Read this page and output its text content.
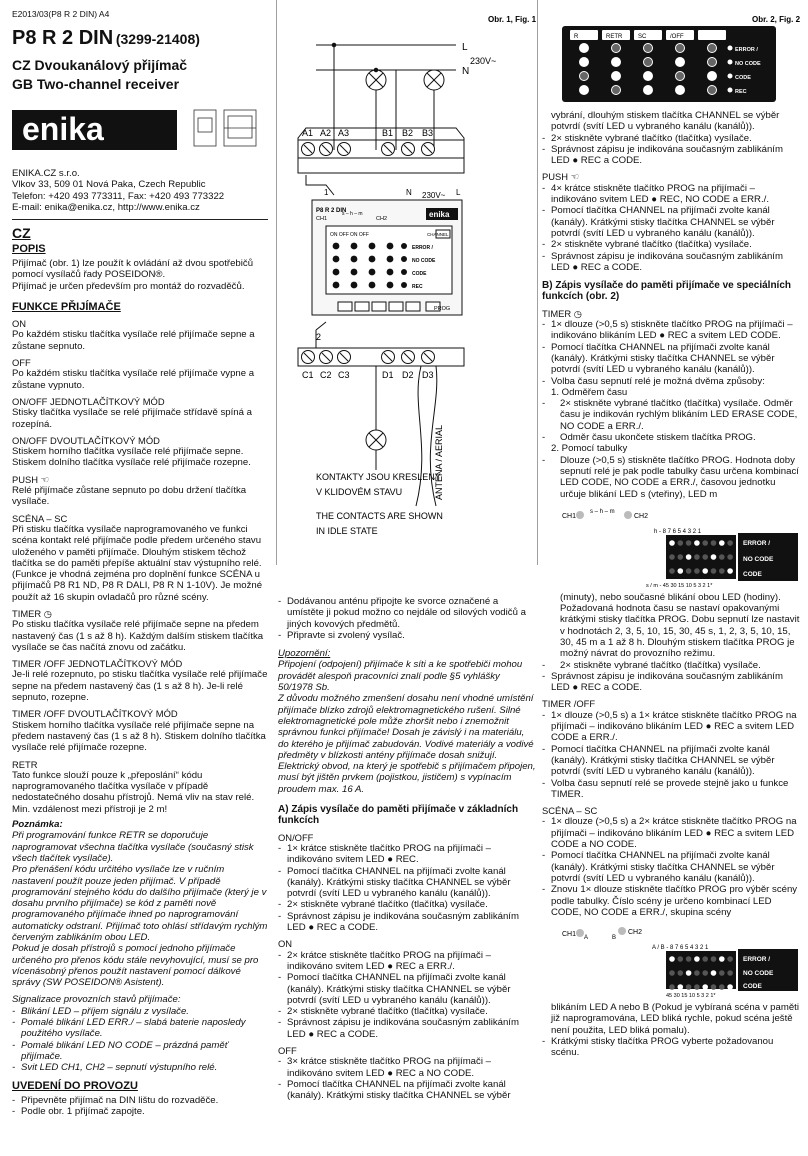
E2013/03(P8 R 2 DIN) A4
P8 R 2 DIN (3299-21408)
CZ Dvoukanálový přijímač
GB Two-channel receiver
enika

ENIKA.CZ s.r.o.

Vlkov 33, 509 01 Nová Paka, Czech Republic

Telefon: +420 493 773311, Fax: +420 493 773322

E-mail: enika@enika.cz, http://www.enika.cz

CZ
POPIS

Přijímač (obr. 1) lze použít k ovládání až dvou spotřebičů pomocí vysílačů řady POSEIDON®.

Přijímač je určen především pro montáž do rozvaděčů.

FUNKCE PŘIJÍMAČE
ON

Po každém stisku tlačítka vysílače relé přijímače sepne a zůstane sepnuto.

OFF

Po každém stisku tlačítka vysílače relé přijímače vypne a zůstane vypnuto.

ON/OFF JEDNOTLAČÍTKOVÝ MÓD

Stisky tlačítka vysílače se relé přijímače střídavě spíná a rozepíná.

ON/OFF DVOUTLAČÍTKOVÝ MÓD

Stiskem horního tlačítka vysílače relé přijímače sepne. Stiskem dolního tlačítka vysílače relé přijímače rozepne.

PUSH ☜

Relé přijímače zůstane sepnuto po dobu držení tlačítka vysílače.

SCÉNA – SC

Při stisku tlačítka vysílače naprogramovaného ve funkci scéna kontakt relé přijímače podle předem určeného stavu uloženého v paměti přijímače. Dlouhým stiskem těchož tlačítka se do paměti přepíše aktuální stav výstupního relé. (Funkce je vhodná zejména pro doplnění funkce SCÉNA u přijímačů P8 R1 ND, P8 R DALI, P8 R N 1-10V). Je možné použít až 16 skupin ovladačů pro různé scény.

TIMER ◷

Po stisku tlačítka vysílače relé přijímače sepne na předem nastavený čas (1 s až 8 h). Každým dalším stiskem tlačítka vysílače se čas načítá znovu od začátku.

TIMER /OFF JEDNOTLAČÍTKOVÝ MÓD

Je-li relé rozepnuto, po stisku tlačítka vysílače relé přijímače sepne na předem nastavený čas (1 s až 8 h). Je-li relé sepnuto, rozepne.

TIMER /OFF DVOUTLAČÍTKOVÝ MÓD

Stiskem horního tlačítka vysílače relé přijímače sepne na předem nastavený čas (1 s až 8 h). Stiskem dolního tlačítka vysílače relé přijímače rozepne.

RETR

Tato funkce slouží pouze k „přeposlání“ kódu naprogramovaného tlačítka vysílače v případě nedostatečného dosahu přístrojů. Nemá vliv na stav relé. Min. vzdálenost mezi přístroji je 2 m!

Poznámka:

Při programování funkce RETR se doporučuje naprogramovat všechna tlačítka vysílače (současný stisk všech tlačítek vysílače).

Pro přenášení kódu určitého vysílače lze v ručním nastavení použít pouze jeden přijímač. V případě programování stejného kódu do dalšího přijímače (který je v dosahu prvního přijímače) se kód z paměti nově programovaného přijímače ihned po naprogramování automaticky odstraní. Přijímač toto ohlásí střídavým rychlým červeným zablikáním obou LED.

Pokud je dosah přístrojů s pomocí jednoho přijímače určeného pro přenos kódu stále nevyhovující, musí se pro vícenásobný přenos použít nastavení pomocí dálkové správy (SW POSEIDON® Asistent).

Signalizace provozních stavů přijímače:

- Blikání LED – příjem signálu z vysílače.

- Pomalé blikání LED ERR./ – slabá baterie naposledy použitého vysílače.

- Pomalé blikání LED NO CODE – prázdná paměť přijímače.

- Svit LED CH1, CH2 – sepnutí výstupního relé.

UVEDENÍ DO PROVOZU

- Připevněte přijímač na DIN lištu do rozvaděče.

- Podle obr. 1 přijímač zapojte.

Obr. 1, Fig. 1
L
N
230V~
A1 A2 A3	B1 B2 B3
1	N	L
230V~
P8 R 2 DIN
CH1
s – h – m
CH2	enika
ON OFF ON OFF
ERROR /
NO CODE
CODE
REC
CHANNEL
PROG
2
C1 C2 C3	D1 D2 D3
ANTÉNA / AERIAL
KONTAKTY JSOU KRESLENY
V KLIDOVÉM STAVU
THE CONTACTS ARE SHOWN
IN IDLE STATE

- Dodávanou anténu připojte ke svorce označené a umístěte ji pokud možno co nejdále od silových vodičů a jiných kovových předmětů.

- Připravte si zvolený vysílač.

Upozornění:

Připojení (odpojení) přijímače k síti a ke spotřebiči mohou provádět alespoň pracovníci znalí podle §5 vyhlášky 50/1978 Sb.

Z důvodu možného zmenšení dosahu není vhodné umístění přijímače blízko zdrojů elektromagnetického rušení. Silné elektromagnetické pole může zhoršit nebo i znemožnit správnou funkci přijímače! Dosah je závislý i na materiálu, do kterého je přijímač zabudován. Vodivé materiály a vodivé předměty v blízkosti antény přijímače dosah snižují.

Elektrický obvod, na který je spotřebič s přijímačem připojen, musí být jištěn prvkem (pojistkou, jističem) s vypínacím proudem max. 16 A.

A) Zápis vysílače do paměti přijímače v základních funkcích
ON/OFF

- 1× krátce stiskněte tlačítko PROG na přijímači – indikováno svitem LED ● REC.

- Pomocí tlačítka CHANNEL na přijímači zvolte kanál (kanály). Krátkými stisky tlačítka CHANNEL se výběr potvrdí (svítí LED u vybraného kanálu (kanálů)).

- 2× stiskněte vybrané tlačítko (tlačítka) vysílače.

- Správnost zápisu je indikována současným zablikáním LED ● REC a CODE.

ON

- 2× krátce stiskněte tlačítko PROG na přijímači – indikováno svitem LED ● REC a ERR./.

- Pomocí tlačítka CHANNEL na přijímači zvolte kanál (kanály). Krátkými stisky tlačítka CHANNEL se výběr potvrdí (svítí LED u vybraného kanálu (kanálů)).

- 2× stiskněte vybrané tlačítko (tlačítka) vysílače.

- Správnost zápisu je indikována současným zablikáním LED ● REC a CODE.

OFF

- 3× krátce stiskněte tlačítko PROG na přijímači – indikováno svitem LED ● REC a NO CODE.

- Pomocí tlačítka CHANNEL na přijímači zvolte kanál (kanály). Krátkými stisky tlačítka CHANNEL se výběr

Obr. 2, Fig. 2
R	RETR	SC	/OFF
ERROR /
NO CODE
CODE
REC

vybrání, dlouhým stiskem tlačítka CHANNEL se výběr potvrdí (svítí LED u vybraného kanálu (kanálů)).

- 2× stiskněte vybrané tlačítko (tlačítka) vysílače.

- Správnost zápisu je indikována současným zablikáním LED ● REC a CODE.

PUSH ☜

- 4× krátce stiskněte tlačítko PROG na přijímači – indikováno svitem LED ● REC, NO CODE a ERR./.

- Pomocí tlačítka CHANNEL na přijímači zvolte kanál (kanály). Krátkými stisky tlačítka CHANNEL se výběr potvrdí (svítí LED u vybraného kanálu (kanálů)).

- 2× stiskněte vybrané tlačítko (tlačítka) vysílače.

- Správnost zápisu je indikována současným zablikáním LED ● REC a CODE.

B) Zápis vysílače do paměti přijímače ve speciálních funkcích (obr. 2)
TIMER ◷

- 1× dlouze (>0,5 s) stiskněte tlačítko PROG na přijímači – indikováno blikáním LED ● REC a svitem LED CODE.

- Pomocí tlačítka CHANNEL na přijímači zvolte kanál (kanály). Krátkými stisky tlačítka CHANNEL se výběr potvrdí (svítí LED u vybraného kanálu (kanálů)).

- Volba času sepnutí relé je možná dvěma způsoby:

1. Odměřem času

- 2× stiskněte vybrané tlačítko (tlačítka) vysílače. Odměr času je indikován rychlým blikáním LED ERASE CODE, NO CODE a ERR./.

- Odměr času ukončete stiskem tlačítka PROG.

2. Pomocí tabulky

- Dlouze (>0,5 s) stiskněte tlačítko PROG. Hodnota doby sepnutí relé je pak podle tabulky času určena kombinací LED CODE, NO CODE a ERR./, časovou jednotku určuje blikání LED s (vteřiny), LED m

CH1
s – h – m
CH2
h - 8 7 6 5 4 3 2 1
ERROR /
NO CODE
CODE
s / m - 45 30 15 10 5 3 2 1*

(minuty), nebo současné blikání obou LED (hodiny). Požadovaná hodnota času se nastaví opakovanými krátkými stisky tlačítka PROG. Dobu sepnutí lze nastavit v hodnotách 2, 3, 5, 10, 15, 30, 45 s, 1, 2, 3, 5, 10, 15, 30, 45 m a 1 až 8 h. Dlouhým stiskem tlačítka PROG je možný návrat do provozního režimu.

- 2× stiskněte vybrané tlačítko (tlačítka) vysílače.

- Správnost zápisu je indikována současným zablikáním LED ● REC a CODE.

TIMER /OFF

- 1× dlouze (>0,5 s) a 1× krátce stiskněte tlačítko PROG na přijímači – indikováno blikáním LED ● REC a svitem LED CODE a ERR./.

- Pomocí tlačítka CHANNEL na přijímači zvolte kanál (kanály). Krátkými stisky tlačítka CHANNEL se výběr potvrdí (svítí LED u vybraného kanálu (kanálů)).

- Volba času sepnutí relé se provede stejně jako u funkce TIMER.

SCÉNA – SC

- 1× dlouze (>0,5 s) a 2× krátce stiskněte tlačítko PROG na přijímači – indikováno blikáním LED ● REC a svitem LED CODE a NO CODE.

- Pomocí tlačítka CHANNEL na přijímači zvolte kanál (kanály). Krátkými stisky tlačítka CHANNEL se výběr potvrdí (svítí LED u vybraného kanálu (kanálů)).

- Znovu 1× dlouze stiskněte tlačítko PROG pro výběr scény podle tabulky. Číslo scény je určeno kombinací LED CODE, NO CODE a ERR./, skupina scény

CH1 A	B
CH2
A / B - 8 7 6 5 4 3 2 1
ERROR /
NO CODE
CODE
45 30 15 10 5 3 2 1*

blikáním LED A nebo B (Pokud je vybíraná scéna v paměti již naprogramována, LED bliká rychle, pokud scéna ještě není použita, LED bliká pomalu).

- Krátkými stisky tlačítka PROG vyberte požadovanou scénu.
